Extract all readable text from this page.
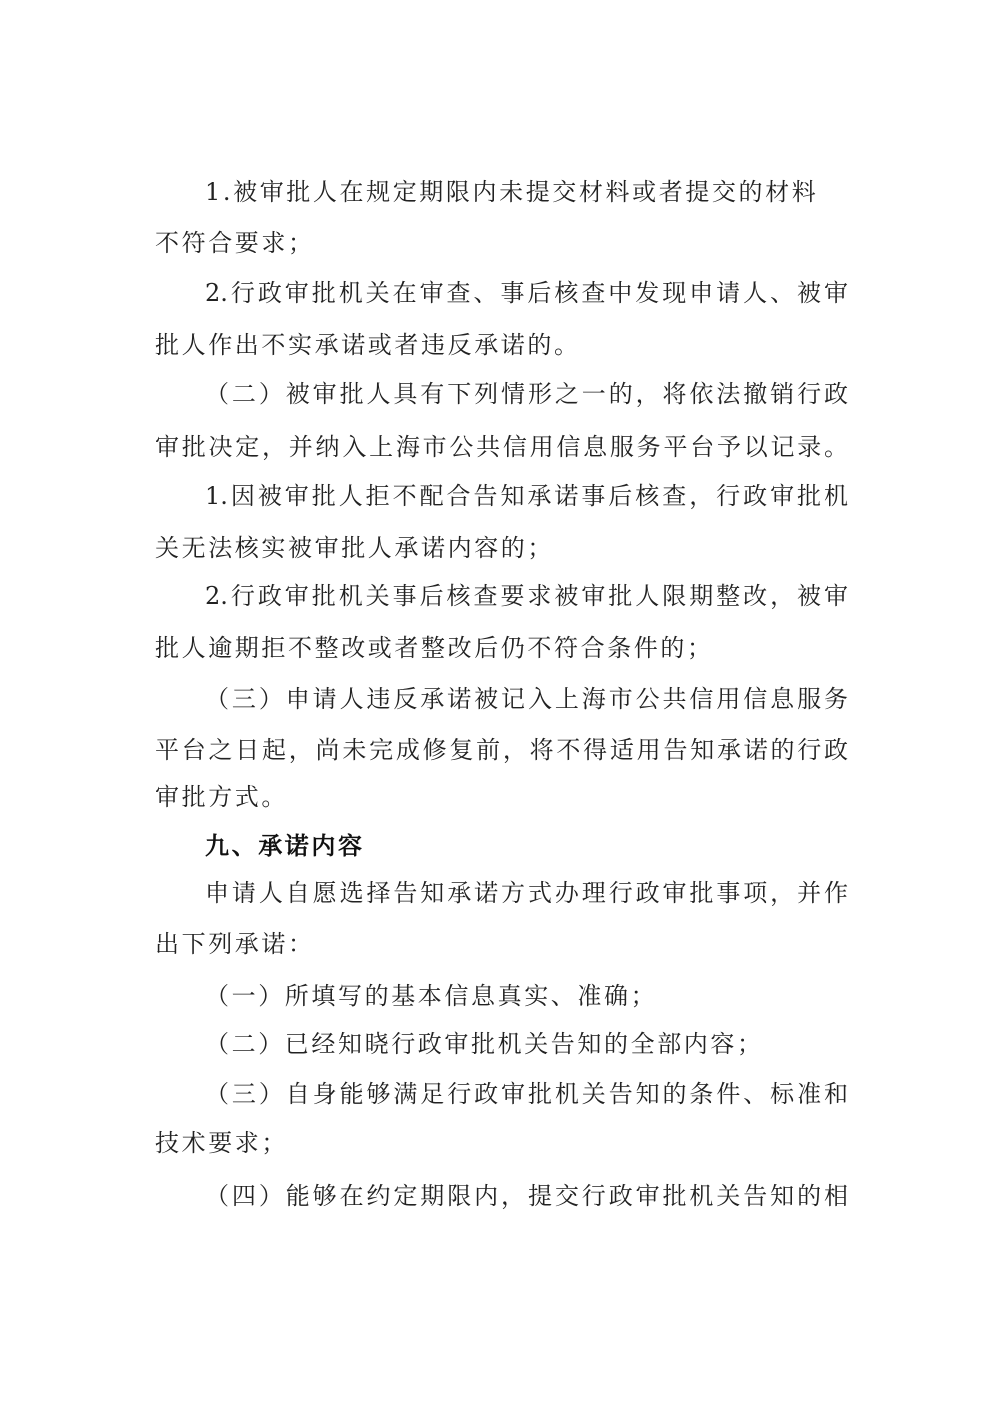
1.被审批人在规定期限内未提交材料或者提交的材料
不符合要求；
2.行政审批机关在审查、事后核查中发现申请人、被审
批人作出不实承诺或者违反承诺的。
（二）被审批人具有下列情形之一的，将依法撤销行政
审批决定，并纳入上海市公共信用信息服务平台予以记录。
1.因被审批人拒不配合告知承诺事后核查，行政审批机
关无法核实被审批人承诺内容的；
2.行政审批机关事后核查要求被审批人限期整改，被审
批人逾期拒不整改或者整改后仍不符合条件的；
（三）申请人违反承诺被记入上海市公共信用信息服务
平台之日起，尚未完成修复前，将不得适用告知承诺的行政
审批方式。
九、承诺内容
申请人自愿选择告知承诺方式办理行政审批事项，并作
出下列承诺：
（一）所填写的基本信息真实、准确；
（二）已经知晓行政审批机关告知的全部内容；
（三）自身能够满足行政审批机关告知的条件、标准和
技术要求；
（四）能够在约定期限内，提交行政审批机关告知的相
